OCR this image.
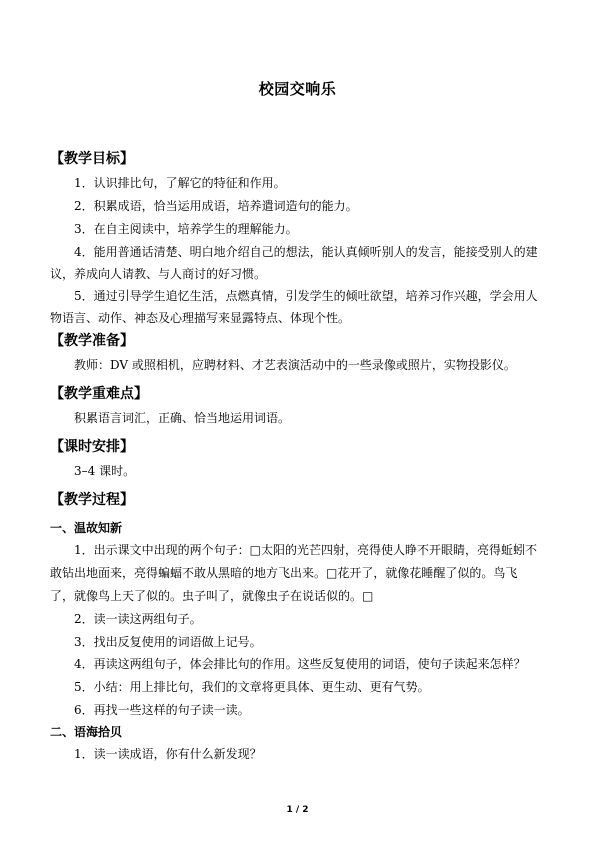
校园交响乐
【教学目标】
1．认识排比句，了解它的特征和作用。
2．积累成语，恰当运用成语，培养遣词造句的能力。
3．在自主阅读中，培养学生的理解能力。
4．能用普通话清楚、明白地介绍自己的想法，能认真倾听别人的发言，能接受别人的建
议，养成向人请教、与人商讨的好习惯。
5．通过引导学生追忆生活，点燃真情，引发学生的倾吐欲望，培养习作兴趣，学会用人
物语言、动作、神态及心理描写来显露特点、体现个性。
【教学准备】
教师：DV 或照相机，应聘材料、才艺表演活动中的一些录像或照片，实物投影仪。
【教学重难点】
积累语言词汇，正确、恰当地运用词语。
【课时安排】
3–4 课时。
【教学过程】
一、温故知新
1．出示课文中出现的两个句子：□太阳的光芒四射，亮得使人睁不开眼睛，亮得蚯蚓不
敢钻出地面来，亮得蝙蝠不敢从黑暗的地方飞出来。□花开了，就像花睡醒了似的。鸟飞
了，就像鸟上天了似的。虫子叫了，就像虫子在说话似的。□
2．读一读这两组句子。
3．找出反复使用的词语做上记号。
4．再读这两组句子，体会排比句的作用。这些反复使用的词语，使句子读起来怎样？
5．小结：用上排比句，我们的文章将更具体、更生动、更有气势。
6．再找一些这样的句子读一读。
二、语海拾贝
1．读一读成语，你有什么新发现？
1 / 2
